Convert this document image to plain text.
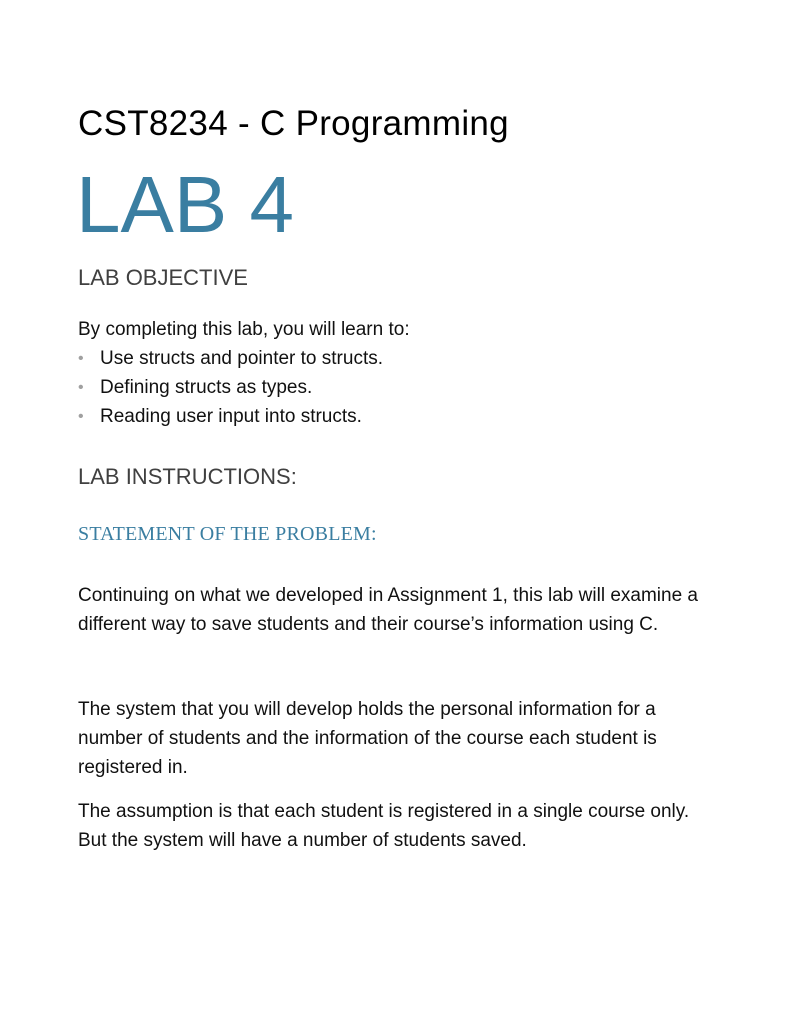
CST8234 - C Programming
LAB 4
LAB OBJECTIVE

By completing this lab, you will learn to:

• Use structs and pointer to structs.
• Defining structs as types.
• Reading user input into structs.
LAB INSTRUCTIONS:
STATEMENT OF THE PROBLEM:

Continuing on what we developed in Assignment 1, this lab will examine a different way to save students and their course’s information using C.

The system that you will develop holds the personal information for a number of students and the information of the course each student is registered in.

The assumption is that each student is registered in a single course only. But the system will have a number of students saved.
